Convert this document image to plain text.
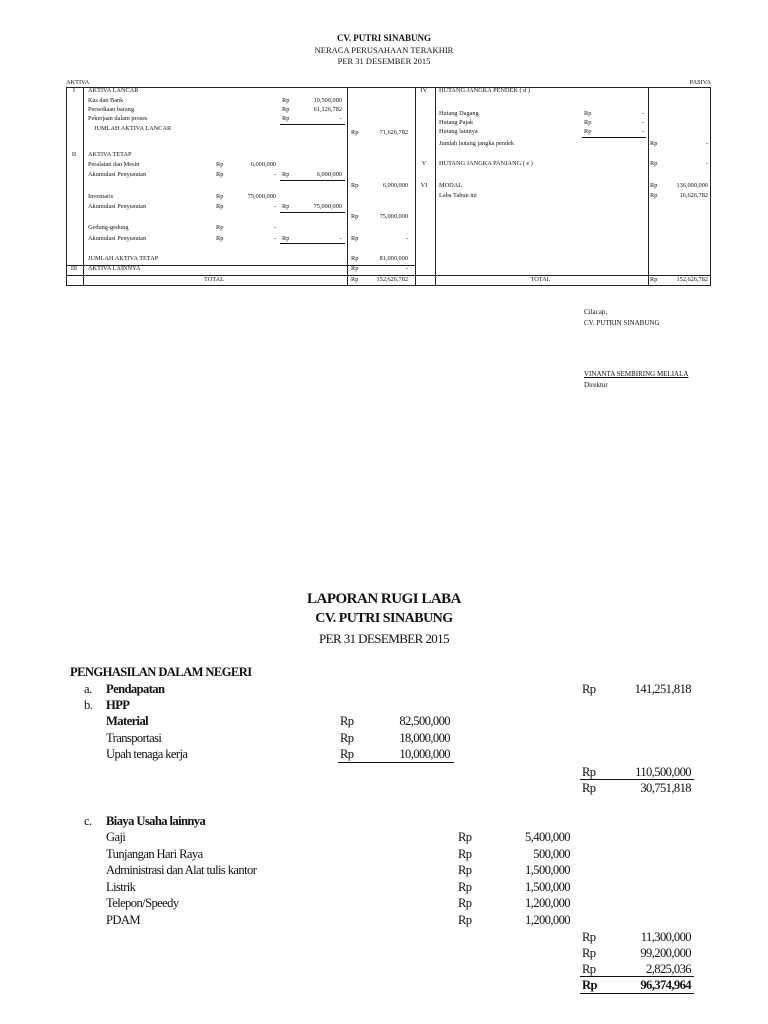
CV. PUTRI SINABUNG
NERACA PERUSAHAAN TERAKHIR
PER 31 DESEMBER 2015
AKTIVA	PASIVA
I	AKTIVA LANCAR
Kas dan Bank	Rp	10,500,000
Persediaan barang	Rp	61,126,782
Pekerjaan dalam proses	Rp	-
JUMLAH AKTIVA LANCAR
Rp	71,626,782
II	AKTIVA TETAP
Peralatan dan Mesin	Rp	6,000,000
Akumulasi Penyusutan	Rp	- Rp	6,000,000
Rp	6,000,000
Inventaris	Rp	75,000,000
Akumulasi Penyusutan	Rp	- Rp	75,000,000
Rp	75,000,000
Gedung-gedung	Rp	-
Akumulasi Penyusutan	Rp	- Rp	- Rp	-
JUMLAH AKTIVA TETAP	Rp	81,000,000
III	AKTIVA LAINNYA	Rp	-
TOTAL	Rp	152,626,782
IV	HUTANG JANGKA PENDEK ( d )
Hutang Dagang	Rp	-
Hutang Pajak	Rp	-
Hutang lainnya	Rp	-
Jumlah hutang jangka pendek	Rp	-
V	HUTANG JANGKA PANJANG ( e )	Rp	-
VI	MODAL	Rp	136,000,000
Laba Tahun ini	Rp	16,626,782
TOTAL	Rp	152,626,782
Cilacap,
CV. PUTRIN SINABUNG
VINANTA SEMBIRING MELIALA
Direktur
LAPORAN RUGI LABA
CV. PUTRI SINABUNG
PER 31 DESEMBER 2015
PENGHASILAN DALAM NEGERI
a. Pendapatan	Rp	141,251,818
b. HPP
Material	Rp	82,500,000
Transportasi	Rp	18,000,000
Upah tenaga kerja	Rp	10,000,000
Rp	110,500,000
Rp	30,751,818
c. Biaya Usaha lainnya
Gaji	Rp	5,400,000
Tunjangan Hari Raya	Rp	500,000
Administrasi dan Alat tulis kantor	Rp	1,500,000
Listrik	Rp	1,500,000
Telepon/Speedy	Rp	1,200,000
PDAM	Rp	1,200,000
Rp	11,300,000
Rp	99,200,000
Rp	2,825,036
Rp	96,374,964
